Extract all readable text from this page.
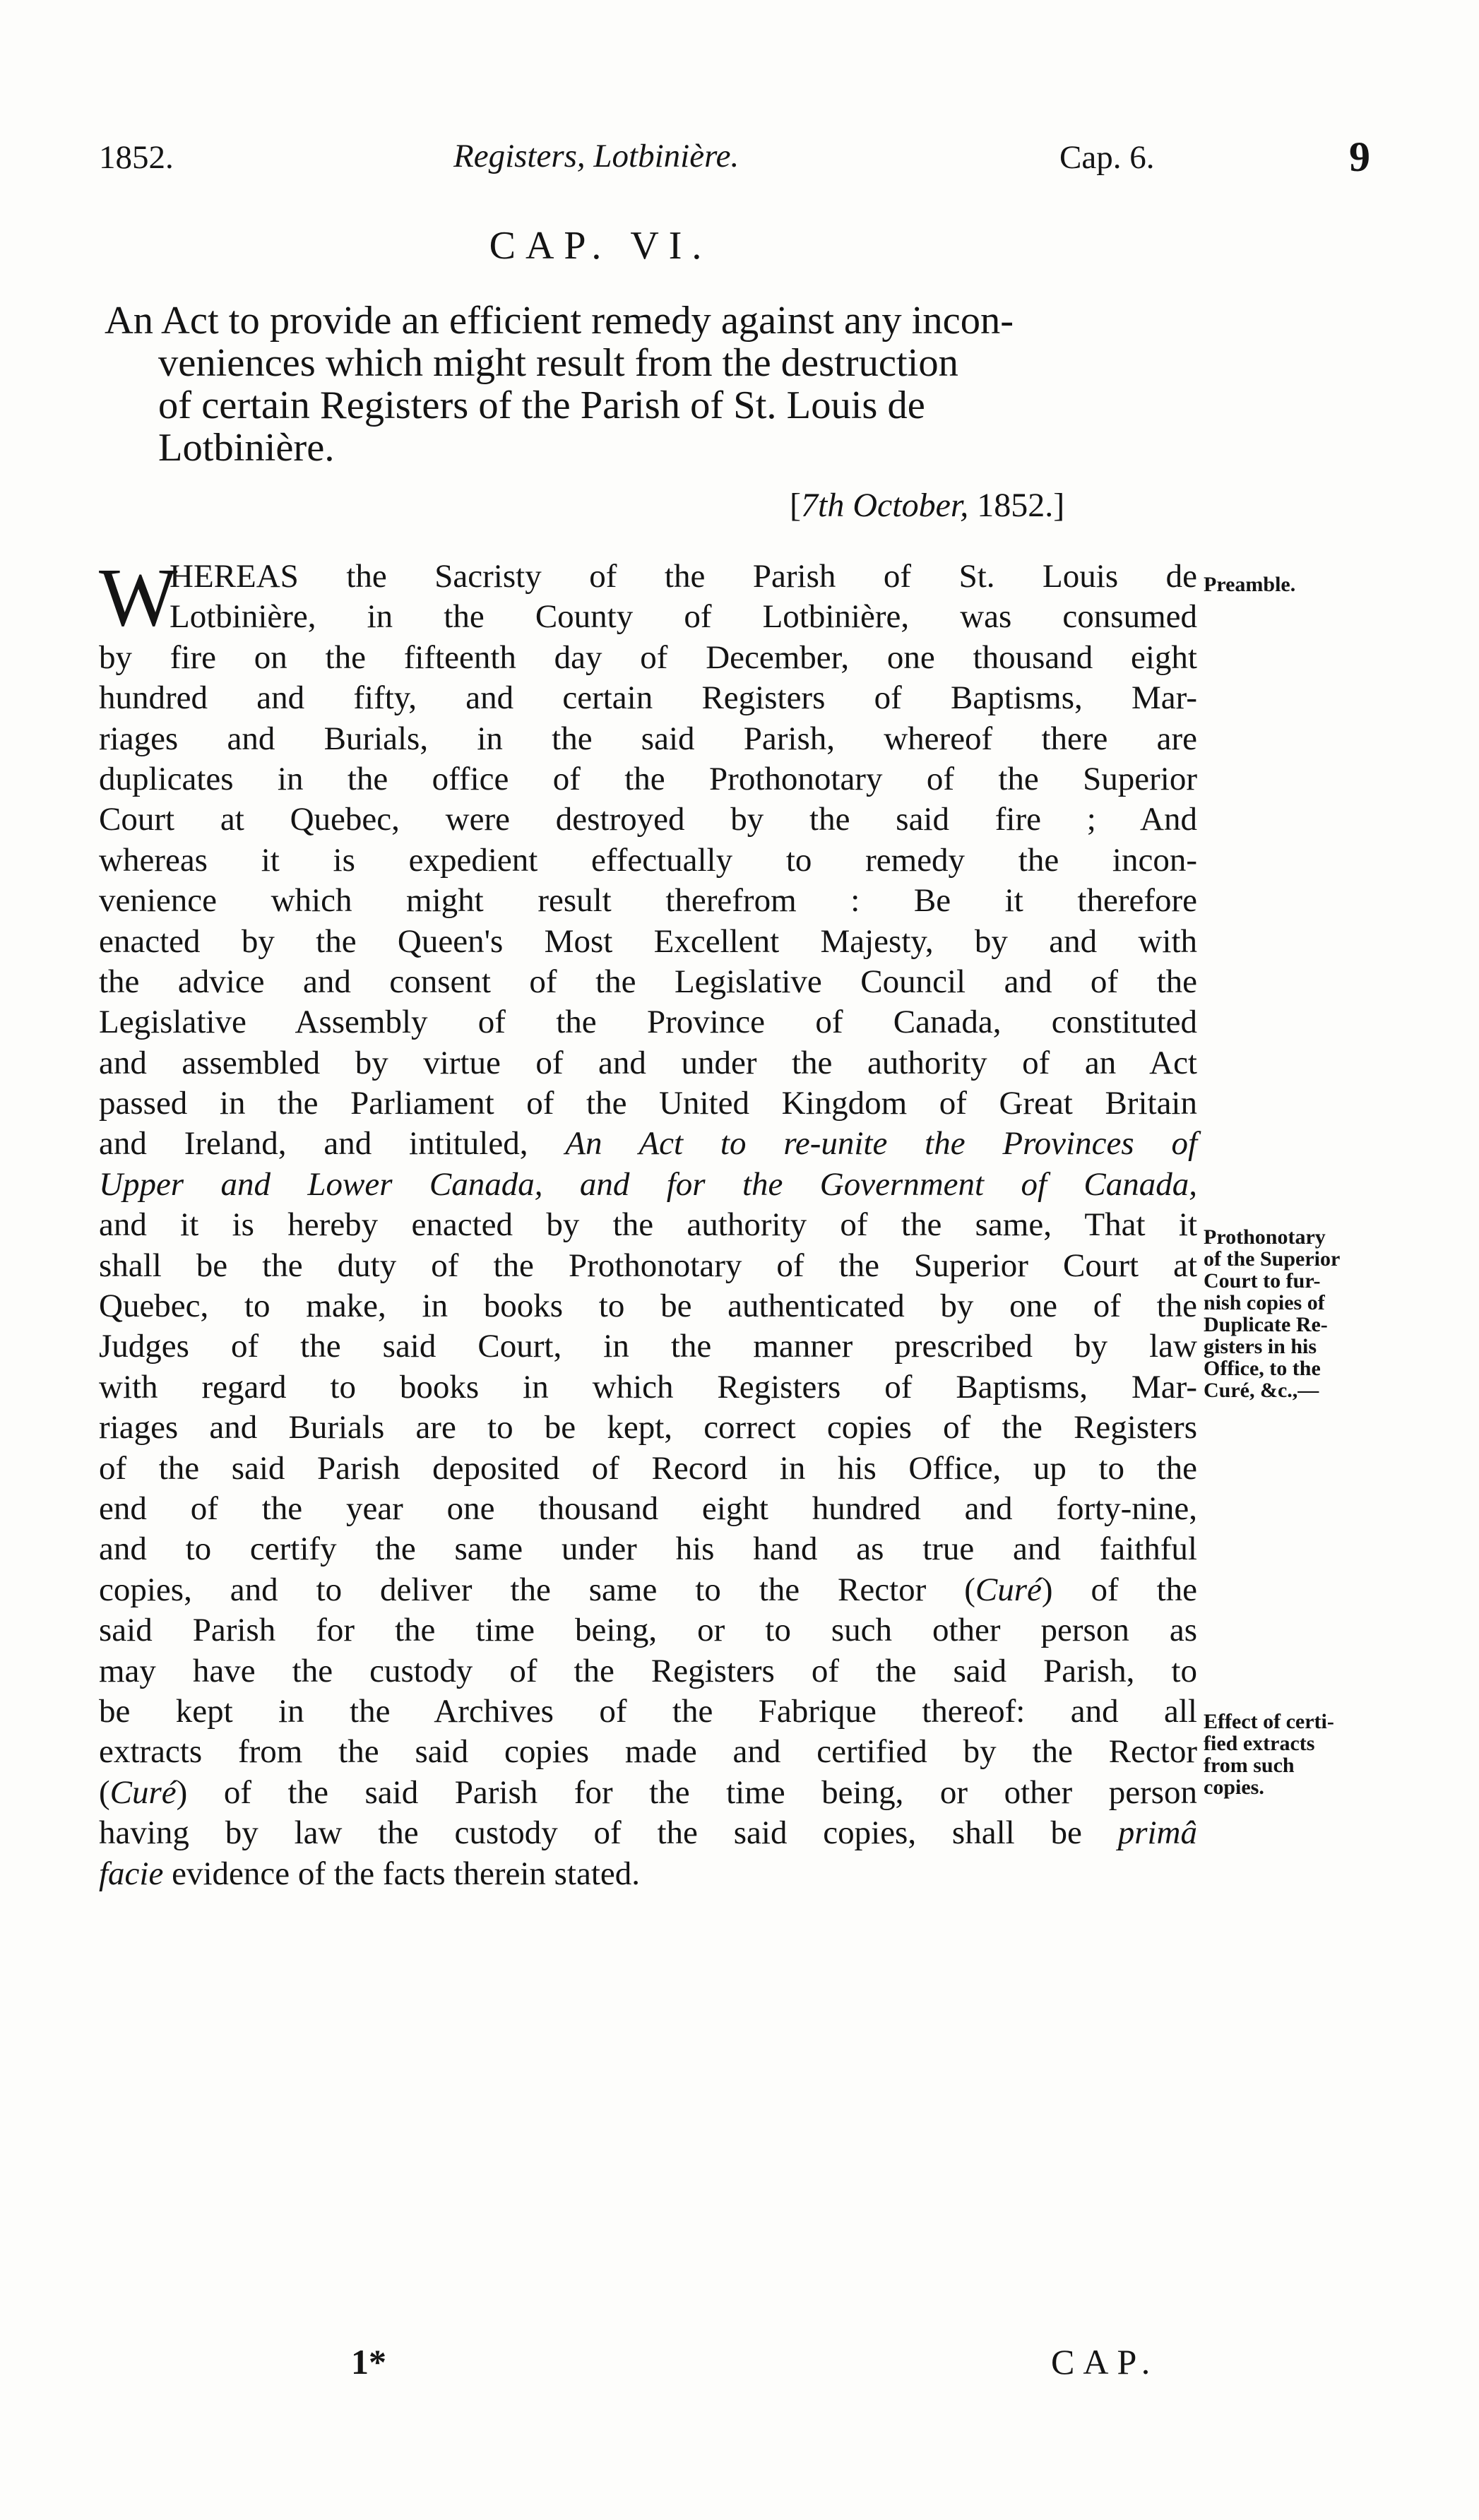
1852.	Registers, Lotbinière.	Cap. 6.	9
CAP. VI.
An Act to provide an efficient remedy against any incon-
veniences which might result from the destruction
of certain Registers of the Parish of St. Louis de
Lotbinière.
[7th October, 1852.]
W
HEREAS the Sacristy of the Parish of St. Louis de
Lotbinière, in the County of Lotbinière, was consumed
by fire on the fifteenth day of December, one thousand eight
hundred and fifty, and certain Registers of Baptisms, Mar-
riages and Burials, in the said Parish, whereof there are
duplicates in the office of the Prothonotary of the Superior
Court at Quebec, were destroyed by the said fire ; And
whereas it is expedient effectually to remedy the incon-
venience which might result therefrom : Be it therefore
enacted by the Queen's Most Excellent Majesty, by and with
the advice and consent of the Legislative Council and of the
Legislative Assembly of the Province of Canada, constituted
and assembled by virtue of and under the authority of an Act
passed in the Parliament of the United Kingdom of Great Britain
and Ireland, and intituled, An Act to re-unite the Provinces of
Upper and Lower Canada, and for the Government of Canada,
and it is hereby enacted by the authority of the same, That it
shall be the duty of the Prothonotary of the Superior Court at
Quebec, to make, in books to be authenticated by one of the
Judges of the said Court, in the manner prescribed by law
with regard to books in which Registers of Baptisms, Mar-
riages and Burials are to be kept, correct copies of the Registers
of the said Parish deposited of Record in his Office, up to the
end of the year one thousand eight hundred and forty-nine,
and to certify the same under his hand as true and faithful
copies, and to deliver the same to the Rector (Curé) of the
said Parish for the time being, or to such other person as
may have the custody of the Registers of the said Parish, to
be kept in the Archives of the Fabrique thereof: and all
extracts from the said copies made and certified by the Rector
(Curé) of the said Parish for the time being, or other person
having by law the custody of the said copies, shall be primâ
facie evidence of the facts therein stated.
Preamble.
Prothonotary
of the Superior
Court to fur-
nish copies of
Duplicate Re-
gisters in his
Office, to the
Curé, &c.,—
Effect of certi-
fied extracts
from such
copies.
1*	CAP.
